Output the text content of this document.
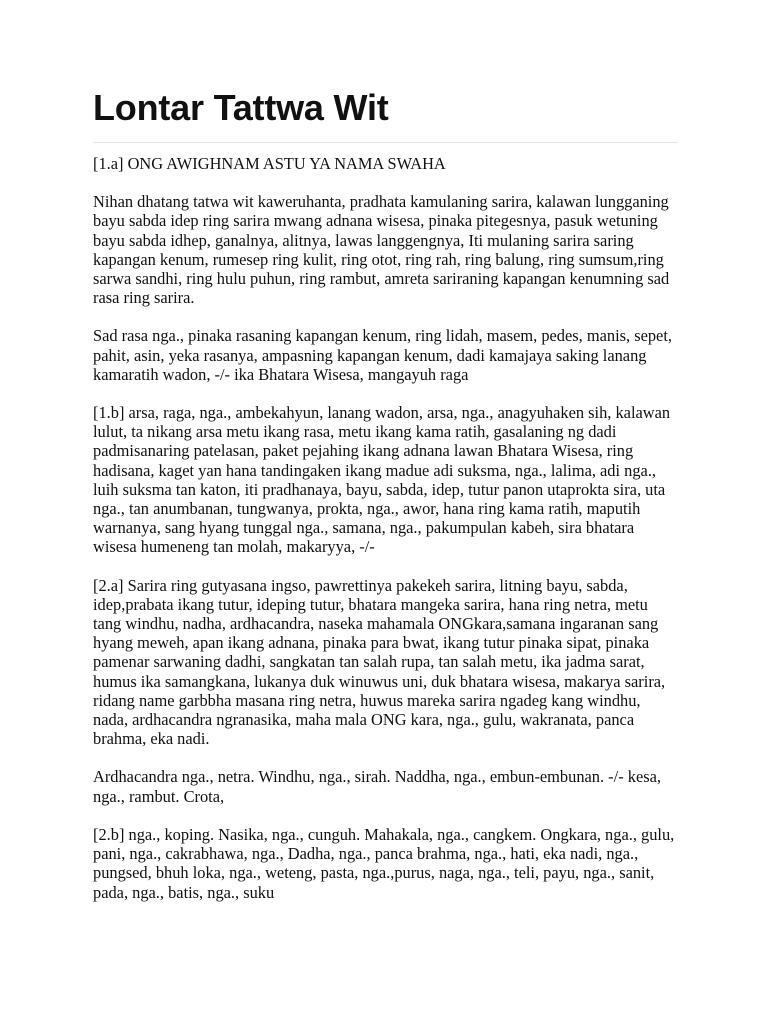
Lontar Tattwa Wit

[1.a] ONG AWIGHNAM ASTU YA NAMA SWAHA

Nihan dhatang tatwa wit kaweruhanta, pradhata kamulaning sarira, kalawan lungganing bayu sabda idep ring sarira mwang adnana wisesa, pinaka pitegesnya, pasuk wetuning bayu sabda idhep, ganalnya, alitnya, lawas langgengnya, Iti mulaning sarira saring kapangan kenum, rumesep ring kulit, ring otot, ring rah, ring balung, ring sumsum,ring sarwa sandhi, ring hulu puhun, ring rambut, amreta sariraning kapangan kenumning sad rasa ring sarira.

Sad rasa nga., pinaka rasaning kapangan kenum, ring lidah, masem, pedes, manis, sepet, pahit, asin, yeka rasanya, ampasning kapangan kenum, dadi kamajaya saking lanang kamaratih wadon, -/- ika Bhatara Wisesa, mangayuh raga

[1.b] arsa, raga, nga., ambekahyun, lanang wadon, arsa, nga., anagyuhaken sih, kalawan lulut, ta nikang arsa metu ikang rasa, metu ikang kama ratih, gasalaning ng dadi padmisanaring patelasan, paket pejahing ikang adnana lawan Bhatara Wisesa, ring hadisana, kaget yan hana tandingaken ikang madue adi suksma, nga., lalima, adi nga., luih suksma tan katon, iti pradhanaya, bayu, sabda, idep, tutur panon utaprokta sira, uta nga., tan anumbanan, tungwanya, prokta, nga., awor, hana ring kama ratih, maputih warnanya, sang hyang tunggal nga., samana, nga., pakumpulan kabeh, sira bhatara wisesa humeneng tan molah, makaryya, -/-

[2.a] Sarira ring gutyasana ingso, pawrettinya pakekeh sarira, litning bayu, sabda, idep,prabata ikang tutur, ideping tutur, bhatara mangeka sarira, hana ring netra, metu tang windhu, nadha, ardhacandra, naseka mahamala ONGkara,samana ingaranan sang hyang meweh, apan ikang adnana, pinaka para bwat, ikang tutur pinaka sipat, pinaka pamenar sarwaning dadhi, sangkatan tan salah rupa, tan salah metu, ika jadma sarat, humus ika samangkana, lukanya duk winuwus uni, duk bhatara wisesa, makarya sarira, ridang name garbbha masana ring netra, huwus mareka sarira ngadeg kang windhu, nada, ardhacandra ngranasika, maha mala ONG kara, nga., gulu, wakranata, panca brahma, eka nadi.

Ardhacandra nga., netra. Windhu, nga., sirah. Naddha, nga., embun-embunan. -/- kesa, nga., rambut. Crota,

[2.b] nga., koping. Nasika, nga., cunguh. Mahakala, nga., cangkem. Ongkara, nga., gulu, pani, nga., cakrabhawa, nga., Dadha, nga., panca brahma, nga., hati, eka nadi, nga., pungsed, bhuh loka, nga., weteng, pasta, nga.,purus, naga, nga., teli, payu, nga., sanit, pada, nga., batis, nga., suku
